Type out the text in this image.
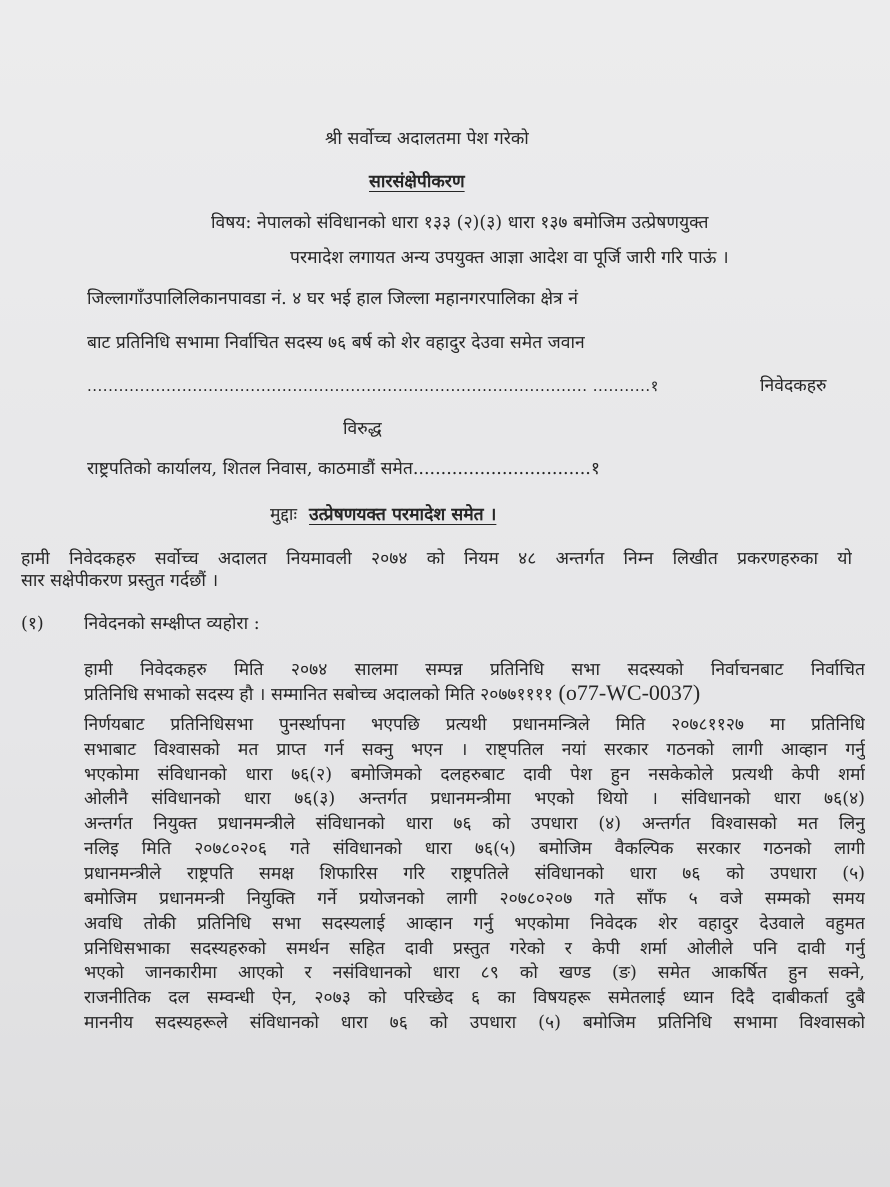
श्री सर्वोच्च अदालतमा पेश गरेको
सारसंक्षेपीकरण
विषय: नेपालको संविधानको धारा १३३ (२)(३) धारा १३७ बमोजिम उत्प्रेषणयुक्त
परमादेश लगायत अन्य उपयुक्त आज्ञा आदेश वा पूर्जि जारी गरि पाऊं ।
जिल्लागाँउपालिलिकानपावडा नं. ४ घर भई हाल जिल्ला महानगरपालिका क्षेत्र नं
बाट प्रतिनिधि सभामा निर्वाचित सदस्य ७६ बर्ष को शेर वहादुर देउवा समेत जवान
............................................................................................... ...........१	निवेदकहरु
विरुद्ध
राष्ट्रपतिको कार्यालय, शितल निवास, काठमाडौं समेत................................१
मुद्दाः उत्प्रेषणयक्त परमादेश समेत ।
हामी निवेदकहरु सर्वोच्च अदालत नियमावली २०७४ को नियम ४८ अन्तर्गत निम्न लिखीत प्रकरणहरुका यो
सार सक्षेपीकरण प्रस्तुत गर्दछौं ।
(१) निवेदनको सम्क्षीप्त व्यहोरा :
हामी निवेदकहरु मिति २०७४ सालमा सम्पन्न प्रतिनिधि सभा सदस्यको निर्वाचनबाट निर्वाचित
प्रतिनिधि सभाको सदस्य हौ । सम्मानित सबोच्च अदालको मिति २०७७११११ (o77-WC-0037)
निर्णयबाट प्रतिनिधिसभा पुनर्स्थापना भएपछि प्रत्यथी प्रधानमन्त्रिले मिति २०७८११२७ मा प्रतिनिधि
सभाबाट विश्वासको मत प्राप्त गर्न सक्नु भएन । राष्ट्पतिल नयां सरकार गठनको लागी आव्हान गर्नु
भएकोमा संविधानको धारा ७६(२) बमोजिमको दलहरुबाट दावी पेश हुन नसकेकोले प्रत्यथी केपी शर्मा
ओलीनै संविधानको धारा ७६(३) अन्तर्गत प्रधानमन्त्रीमा भएको थियो । संविधानको धारा ७६(४)
अन्तर्गत नियुक्त प्रधानमन्त्रीले संविधानको धारा ७६ को उपधारा (४) अन्तर्गत विश्वासको मत लिनु
नलिइ मिति २०७८०२०६ गते संविधानको धारा ७६(५) बमोजिम वैकल्पिक सरकार गठनको लागी
प्रधानमन्त्रीले राष्ट्रपति समक्ष शिफारिस गरि राष्ट्रपतिले संविधानको धारा ७६ को उपधारा (५)
बमोजिम प्रधानमन्त्री नियुक्ति गर्ने प्रयोजनको लागी २०७८०२०७ गते साँफ ५ वजे सम्मको समय
अवधि तोकी प्रतिनिधि सभा सदस्यलाई आव्हान गर्नु भएकोमा निवेदक शेर वहादुर देउवाले वहुमत
प्रनिधिसभाका सदस्यहरुको समर्थन सहित दावी प्रस्तुत गरेको र केपी शर्मा ओलीले पनि दावी गर्नु
भएको जानकारीमा आएको र नसंविधानको धारा ८९ को खण्ड (ङ) समेत आकर्षित हुन सक्ने,
राजनीतिक दल सम्वन्धी ऐन, २०७३ को परिच्छेद ६ का विषयहरू समेतलाई ध्यान दिदै दाबीकर्ता दुबै
माननीय सदस्यहरूले संविधानको धारा ७६ को उपधारा (५) बमोजिम प्रतिनिधि सभामा विश्वासको
